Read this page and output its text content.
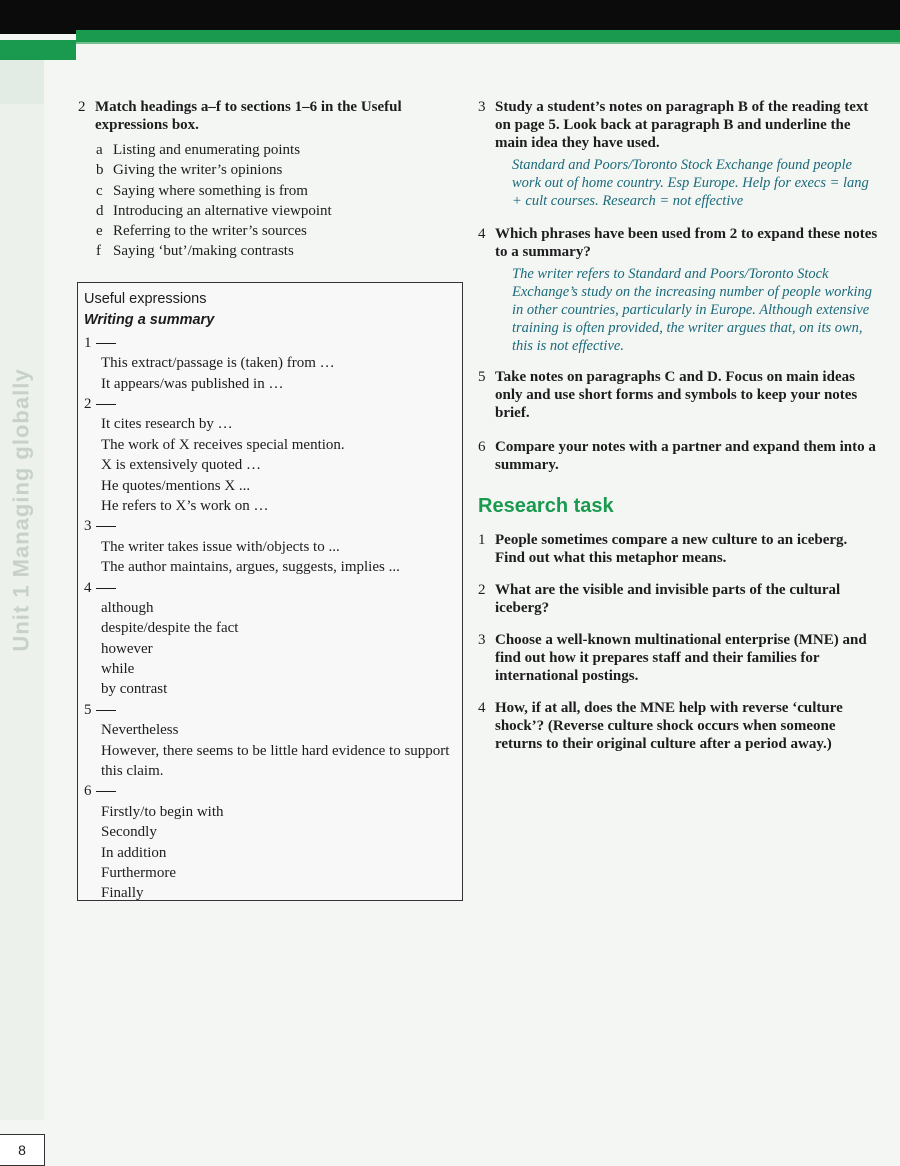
Unit 1 Managing globally
2 Match headings a–f to sections 1–6 in the Useful expressions box.
a Listing and enumerating points
b Giving the writer’s opinions
c Saying where something is from
d Introducing an alternative viewpoint
e Referring to the writer’s sources
f Saying ‘but’/making contrasts
Useful expressions
Writing a summary
1
This extract/passage is (taken) from …
It appears/was published in …
2
It cites research by …
The work of X receives special mention.
X is extensively quoted …
He quotes/mentions X ...
He refers to X’s work on …
3
The writer takes issue with/objects to ...
The author maintains, argues, suggests, implies ...
4
although
despite/despite the fact
however
while
by contrast
5
Nevertheless
However, there seems to be little hard evidence to support this claim.
6
Firstly/to begin with
Secondly
In addition
Furthermore
Finally
3 Study a student’s notes on paragraph B of the reading text on page 5. Look back at paragraph B and underline the main idea they have used.
Standard and Poors/Toronto Stock Exchange found people work out of home country. Esp Europe. Help for execs = lang + cult courses. Research = not effective
4 Which phrases have been used from 2 to expand these notes to a summary?
The writer refers to Standard and Poors/Toronto Stock Exchange’s study on the increasing number of people working in other countries, particularly in Europe. Although extensive training is often provided, the writer argues that, on its own, this is not effective.
5 Take notes on paragraphs C and D. Focus on main ideas only and use short forms and symbols to keep your notes brief.
6 Compare your notes with a partner and expand them into a summary.
Research task
1 People sometimes compare a new culture to an iceberg. Find out what this metaphor means.
2 What are the visible and invisible parts of the cultural iceberg?
3 Choose a well-known multinational enterprise (MNE) and find out how it prepares staff and their families for international postings.
4 How, if at all, does the MNE help with reverse ‘culture shock’? (Reverse culture shock occurs when someone returns to their original culture after a period away.)
8
